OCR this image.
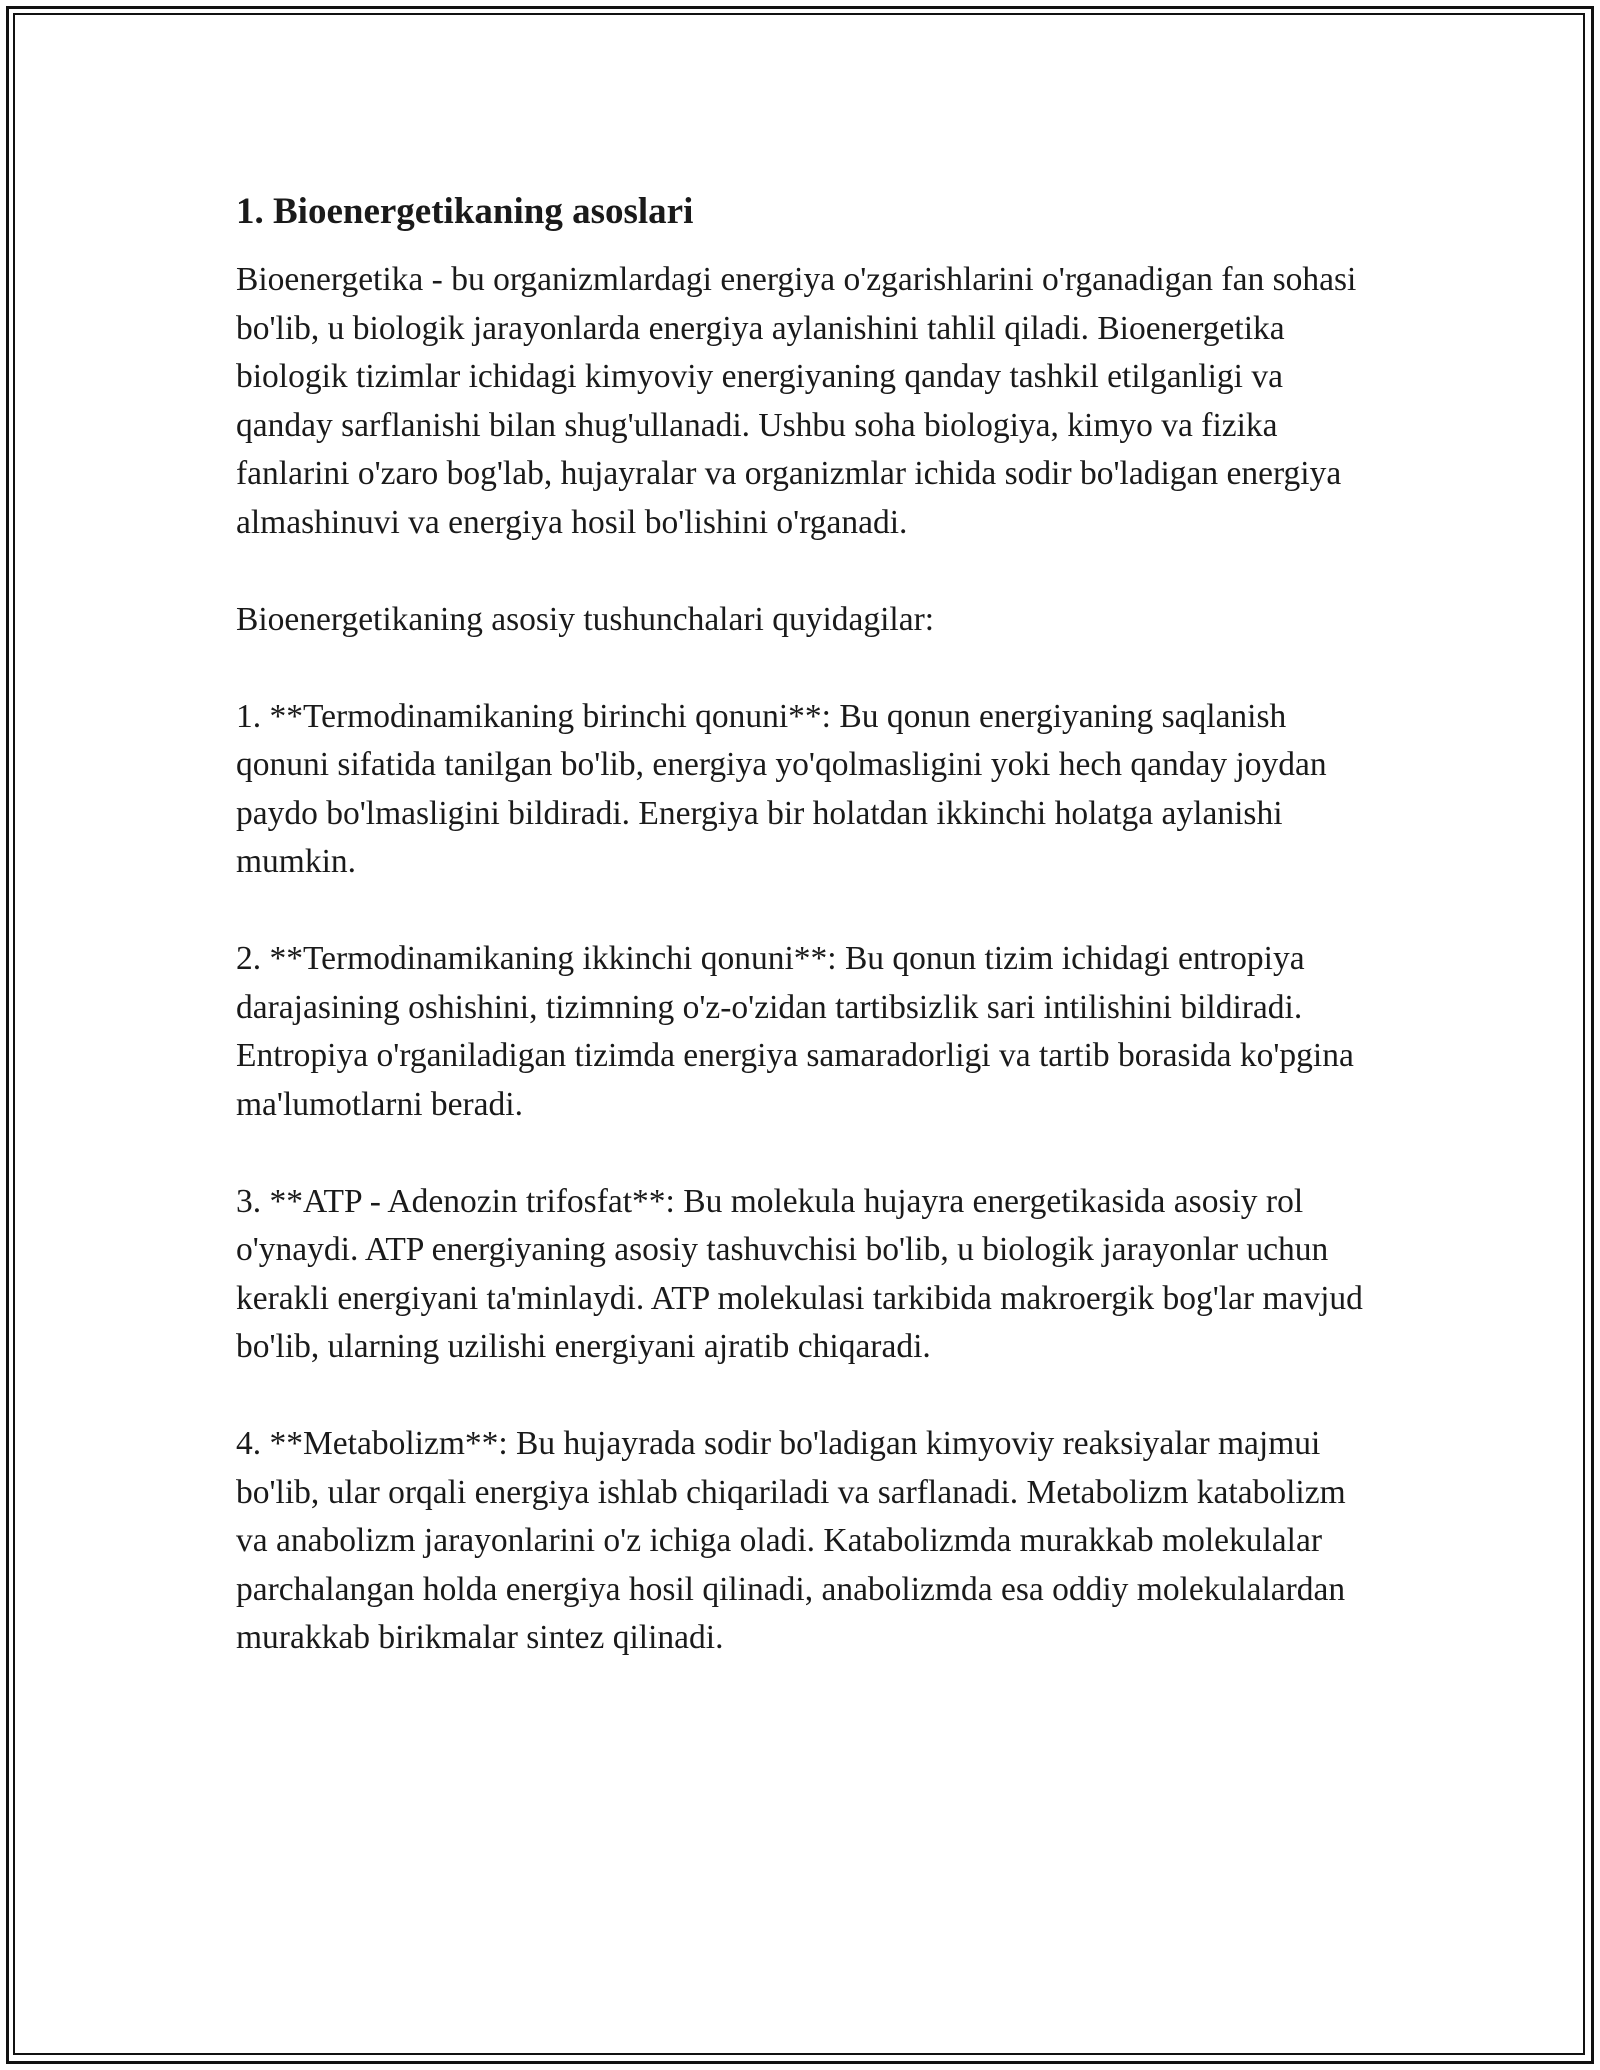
1. Bioenergetikaning asoslari

Bioenergetika - bu organizmlardagi energiya o'zgarishlarini o'rganadigan fan sohasi bo'lib, u biologik jarayonlarda energiya aylanishini tahlil qiladi. Bioenergetika biologik tizimlar ichidagi kimyoviy energiyaning qanday tashkil etilganligi va qanday sarflanishi bilan shug'ullanadi. Ushbu soha biologiya, kimyo va fizika fanlarini o'zaro bog'lab, hujayralar va organizmlar ichida sodir bo'ladigan energiya almashinuvi va energiya hosil bo'lishini o'rganadi.

Bioenergetikaning asosiy tushunchalari quyidagilar:

1. **Termodinamikaning birinchi qonuni**: Bu qonun energiyaning saqlanish qonuni sifatida tanilgan bo'lib, energiya yo'qolmasligini yoki hech qanday joydan paydo bo'lmasligini bildiradi. Energiya bir holatdan ikkinchi holatga aylanishi mumkin.

2. **Termodinamikaning ikkinchi qonuni**: Bu qonun tizim ichidagi entropiya darajasining oshishini, tizimning o'z-o'zidan tartibsizlik sari intilishini bildiradi. Entropiya o'rganiladigan tizimda energiya samaradorligi va tartib borasida ko'pgina ma'lumotlarni beradi.

3. **ATP - Adenozin trifosfat**: Bu molekula hujayra energetikasida asosiy rol o'ynaydi. ATP energiyaning asosiy tashuvchisi bo'lib, u biologik jarayonlar uchun kerakli energiyani ta'minlaydi. ATP molekulasi tarkibida makroergik bog'lar mavjud bo'lib, ularning uzilishi energiyani ajratib chiqaradi.

4. **Metabolizm**: Bu hujayrada sodir bo'ladigan kimyoviy reaksiyalar majmui bo'lib, ular orqali energiya ishlab chiqariladi va sarflanadi. Metabolizm katabolizm va anabolizm jarayonlarini o'z ichiga oladi. Katabolizmda murakkab molekulalar parchalangan holda energiya hosil qilinadi, anabolizmda esa oddiy molekulalardan murakkab birikmalar sintez qilinadi.
